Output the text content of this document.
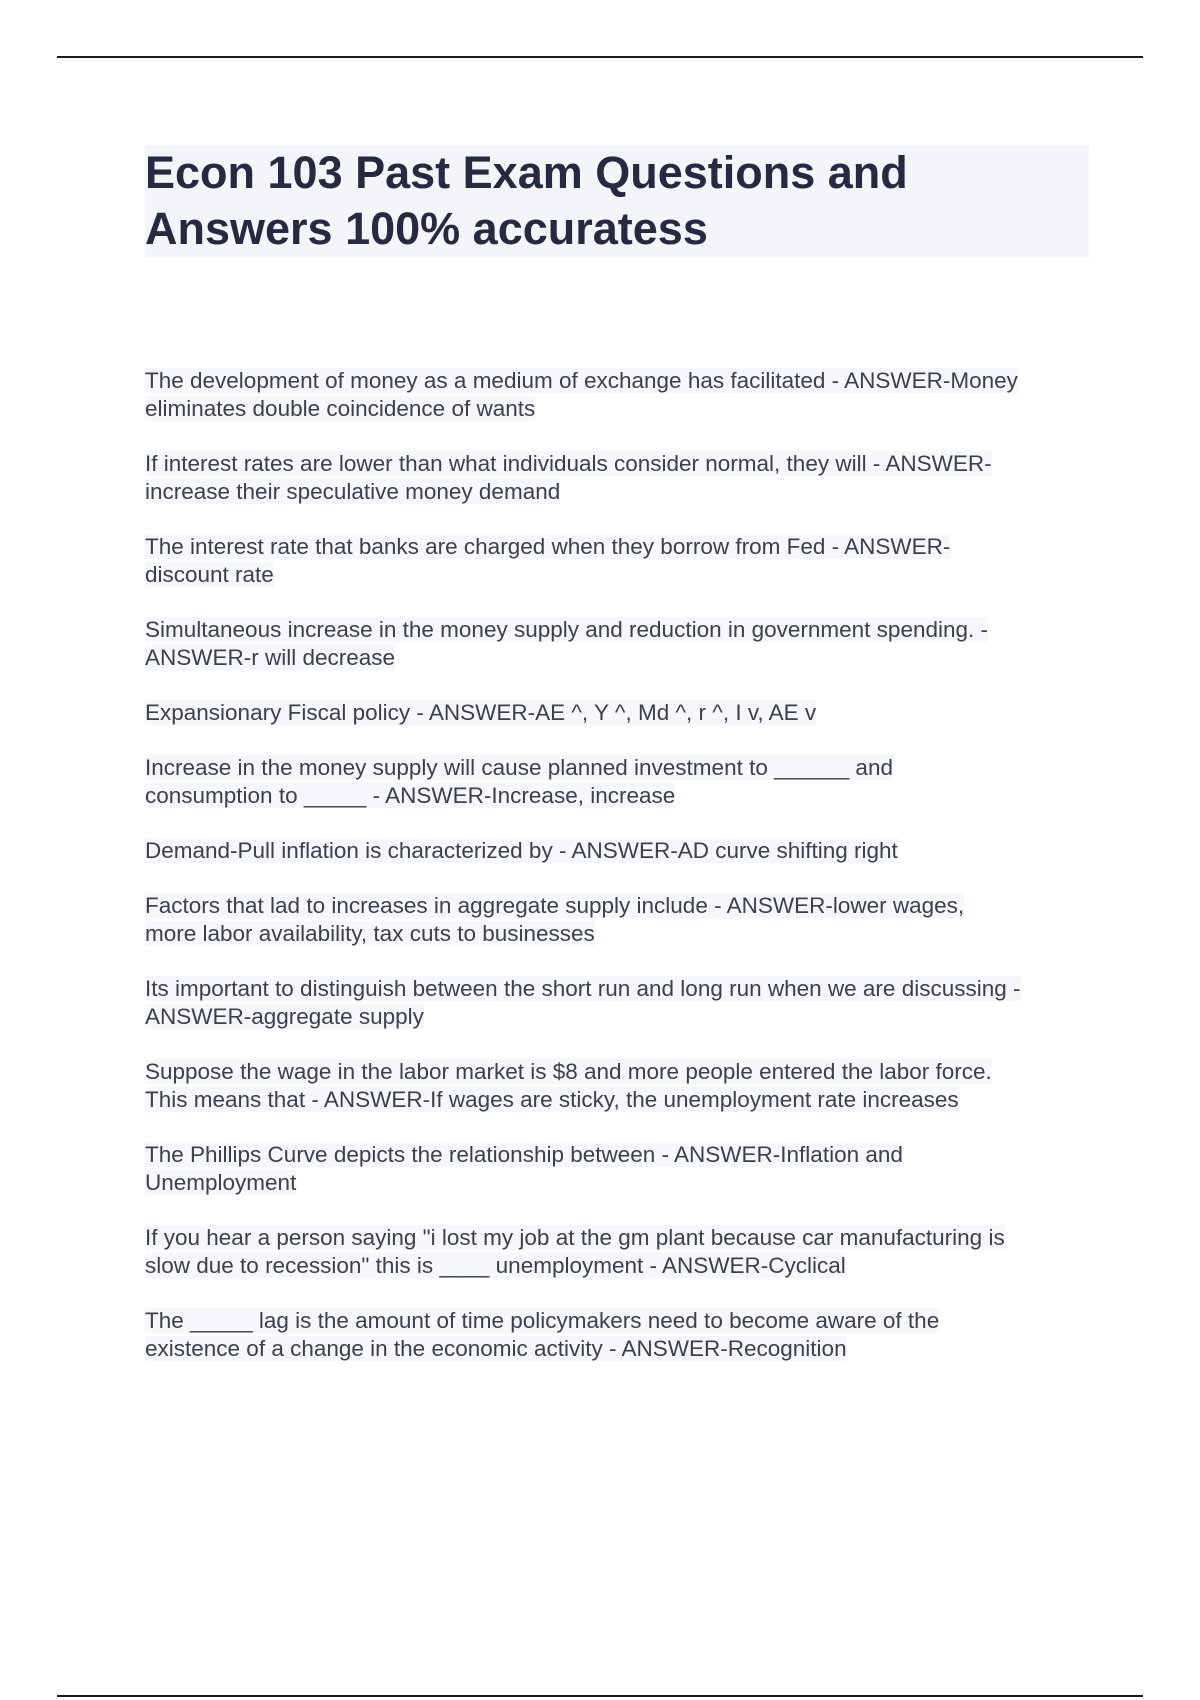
Econ 103 Past Exam Questions and
Answers 100% accuratess
The development of money as a medium of exchange has facilitated - ANSWER-Money
eliminates double coincidence of wants
If interest rates are lower than what individuals consider normal, they will - ANSWER-
increase their speculative money demand
The interest rate that banks are charged when they borrow from Fed - ANSWER-
discount rate
Simultaneous increase in the money supply and reduction in government spending. -
ANSWER-r will decrease
Expansionary Fiscal policy - ANSWER-AE ^, Y ^, Md ^, r ^, I v, AE v
Increase in the money supply will cause planned investment to ______ and
consumption to _____ - ANSWER-Increase, increase
Demand-Pull inflation is characterized by - ANSWER-AD curve shifting right
Factors that lad to increases in aggregate supply include - ANSWER-lower wages,
more labor availability, tax cuts to businesses
Its important to distinguish between the short run and long run when we are discussing -
ANSWER-aggregate supply
Suppose the wage in the labor market is $8 and more people entered the labor force.
This means that - ANSWER-If wages are sticky, the unemployment rate increases
The Phillips Curve depicts the relationship between - ANSWER-Inflation and
Unemployment
If you hear a person saying "i lost my job at the gm plant because car manufacturing is
slow due to recession" this is ____ unemployment - ANSWER-Cyclical
The _____ lag is the amount of time policymakers need to become aware of the
existence of a change in the economic activity - ANSWER-Recognition
